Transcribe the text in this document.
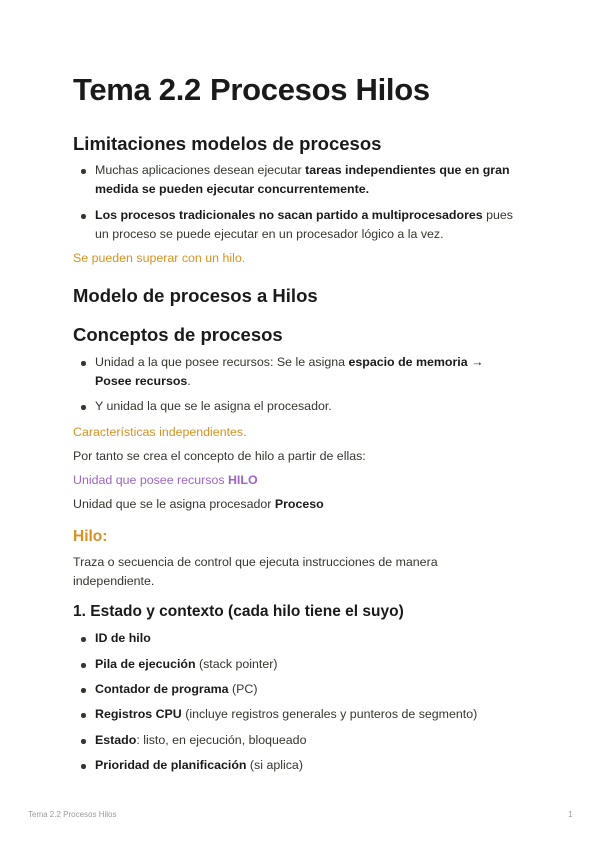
Tema 2.2 Procesos Hilos
Limitaciones modelos de procesos
Muchas aplicaciones desean ejecutar tareas independientes que en gran
medida se pueden ejecutar concurrentemente.
Los procesos tradicionales no sacan partido a multiprocesadores pues
un proceso se puede ejecutar en un procesador lógico a la vez.

Se pueden superar con un hilo.

Modelo de procesos a Hilos
Conceptos de procesos
Unidad a la que posee recursos: Se le asigna espacio de memoria →
Posee recursos.
Y unidad la que se le asigna el procesador.

Características independientes.

Por tanto se crea el concepto de hilo a partir de ellas:

Unidad que posee recursos HILO

Unidad que se le asigna procesador Proceso

Hilo:

Traza o secuencia de control que ejecuta instrucciones de manera
independiente.

1. Estado y contexto (cada hilo tiene el suyo)
ID de hilo
Pila de ejecución (stack pointer)
Contador de programa (PC)
Registros CPU (incluye registros generales y punteros de segmento)
Estado: listo, en ejecución, bloqueado
Prioridad de planificación (si aplica)
Tema 2.2 Procesos Hilos	1
